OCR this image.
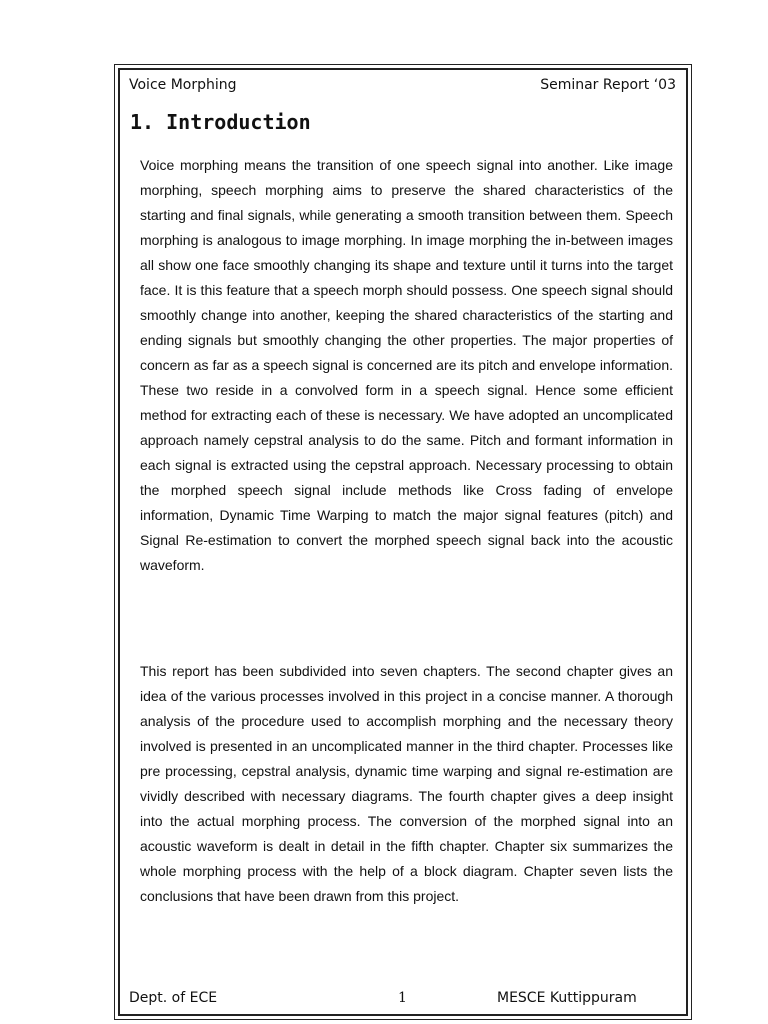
Voice Morphing	Seminar Report ‘03
1. Introduction

Voice morphing means the transition of one speech signal into another. Like image morphing, speech morphing aims to preserve the shared characteristics of the starting and final signals, while generating a smooth transition between them. Speech morphing is analogous to image morphing. In image morphing the in-between images all show one face smoothly changing its shape and texture until it turns into the target face. It is this feature that a speech morph should possess. One speech signal should smoothly change into another, keeping the shared characteristics of the starting and ending signals but smoothly changing the other properties. The major properties of concern as far as a speech signal is concerned are its pitch and envelope information. These two reside in a convolved form in a speech signal. Hence some efficient method for extracting each of these is necessary. We have adopted an uncomplicated approach namely cepstral analysis to do the same. Pitch and formant information in each signal is extracted using the cepstral approach. Necessary processing to obtain the morphed speech signal include methods like Cross fading of envelope information, Dynamic Time Warping to match the major signal features (pitch) and Signal Re-estimation to convert the morphed speech signal back into the acoustic waveform.

This report has been subdivided into seven chapters. The second chapter gives an idea of the various processes involved in this project in a concise manner. A thorough analysis of the procedure used to accomplish morphing and the necessary theory involved is presented in an uncomplicated manner in the third chapter. Processes like pre processing, cepstral analysis, dynamic time warping and signal re-estimation are vividly described with necessary diagrams. The fourth chapter gives a deep insight into the actual morphing process. The conversion of the morphed signal into an acoustic waveform is dealt in detail in the fifth chapter. Chapter six summarizes the whole morphing process with the help of a block diagram. Chapter seven lists the conclusions that have been drawn from this project.

Dept. of ECE	1	MESCE Kuttippuram
